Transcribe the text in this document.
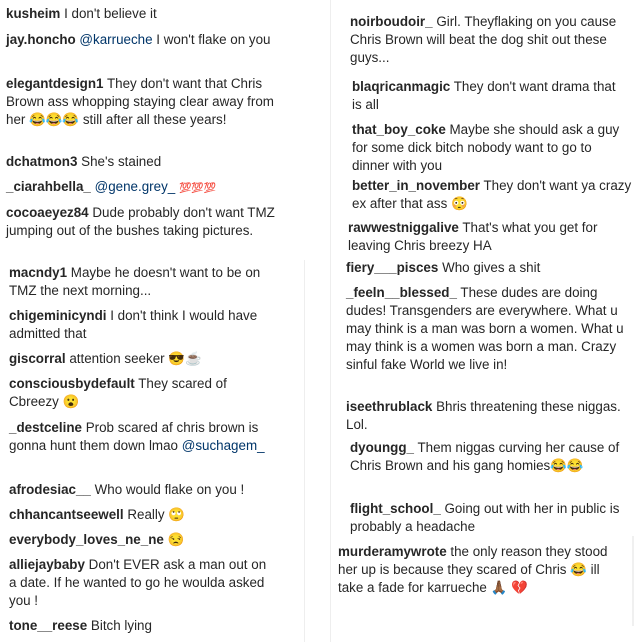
kusheim I don't believe it
jay.honcho @karrueche I won't flake on you
elegantdesign1 They don't want that Chris Brown ass whopping staying clear away from her 😂😂😂 still after all these years!
dchatmon3 She's stained
_ciarahbella_ @gene.grey_ 💯💯💯
cocoaeyez84 Dude probably don't want TMZ jumping out of the bushes taking pictures.
macndy1 Maybe he doesn't want to be on TMZ the next morning...
chigeminicyndi I don't think I would have admitted that
giscorral attention seeker 😎☕
consciousbydefault They scared of Cbreezy 😮
_destceline Prob scared af chris brown is gonna hunt them down lmao @suchagem_
afrodesiac__ Who would flake on you !
chhancantseewell Really 🙄
everybody_loves_ne_ne 😒
alliejaybaby Don't EVER ask a man out on a date. If he wanted to go he woulda asked you !
tone__reese Bitch lying
noirboudoir_ Girl. Theyflaking on you cause Chris Brown will beat the dog shit out these guys...
blaqricanmagic They don't want drama that is all
that_boy_coke Maybe she should ask a guy for some dick bitch nobody want to go to dinner with you
better_in_november They don't want ya crazy ex after that ass 😳
rawwestniggalive That's what you get for leaving Chris breezy HA
fiery___pisces Who gives a shit
_feeln__blessed_ These dudes are doing dudes! Transgenders are everywhere. What u may think is a man was born a women. What u may think is a women was born a man. Crazy sinful fake World we live in!
iseethrublack Bhris threatening these niggas. Lol.
dyoungg_ Them niggas curving her cause of Chris Brown and his gang homies😂😂
flight_school_ Going out with her in public is probably a headache
murderamywrote the only reason they stood her up is because they scared of Chris 😂 ill take a fade for karrueche 🙏🏾 💔
